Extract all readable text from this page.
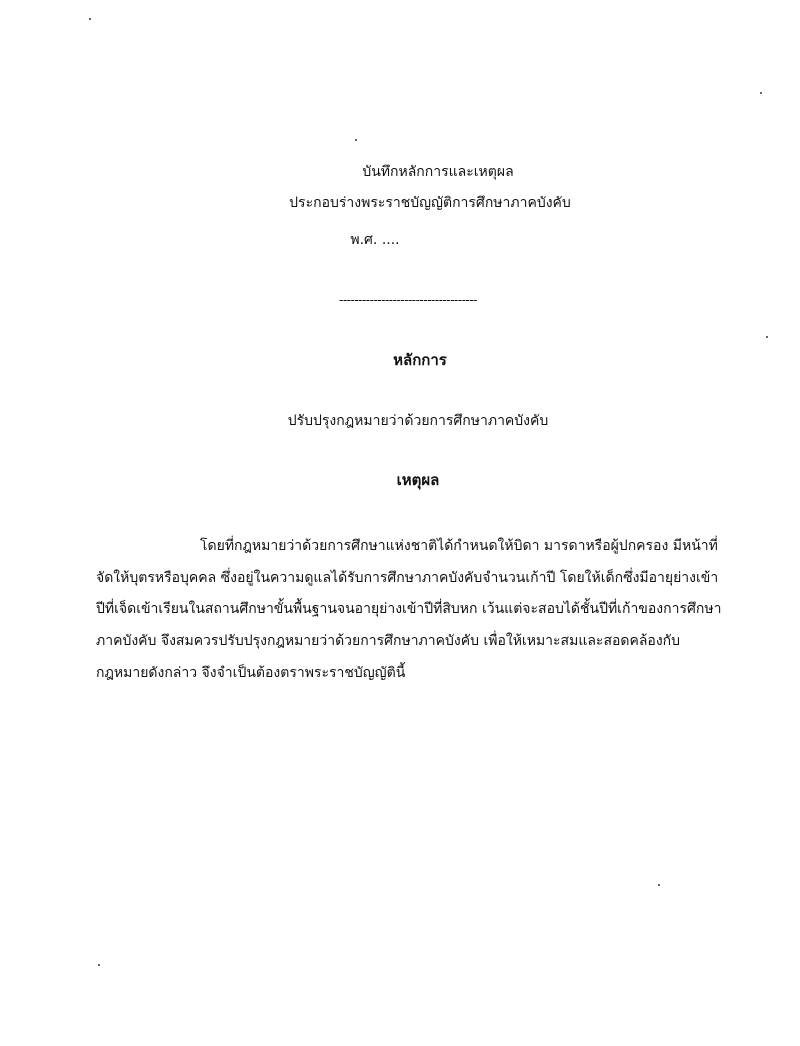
บันทึกหลักการและเหตุผล
ประกอบร่างพระราชบัญญัติการศึกษาภาคบังคับ
พ.ศ. ....
------------------------------------
หลักการ
ปรับปรุงกฎหมายว่าด้วยการศึกษาภาคบังคับ
เหตุผล
โดยที่กฎหมายว่าด้วยการศึกษาแห่งชาติได้กำหนดให้บิดา มารดาหรือผู้ปกครอง มีหน้าที่
จัดให้บุตรหรือบุคคล ซึ่งอยู่ในความดูแลได้รับการศึกษาภาคบังคับจำนวนเก้าปี โดยให้เด็กซึ่งมีอายุย่างเข้า
ปีที่เจ็ดเข้าเรียนในสถานศึกษาขั้นพื้นฐานจนอายุย่างเข้าปีที่สิบหก เว้นแต่จะสอบได้ชั้นปีที่เก้าของการศึกษา
ภาคบังคับ จึงสมควรปรับปรุงกฎหมายว่าด้วยการศึกษาภาคบังคับ เพื่อให้เหมาะสมและสอดคล้องกับ
กฎหมายดังกล่าว จึงจำเป็นต้องตราพระราชบัญญัตินี้
